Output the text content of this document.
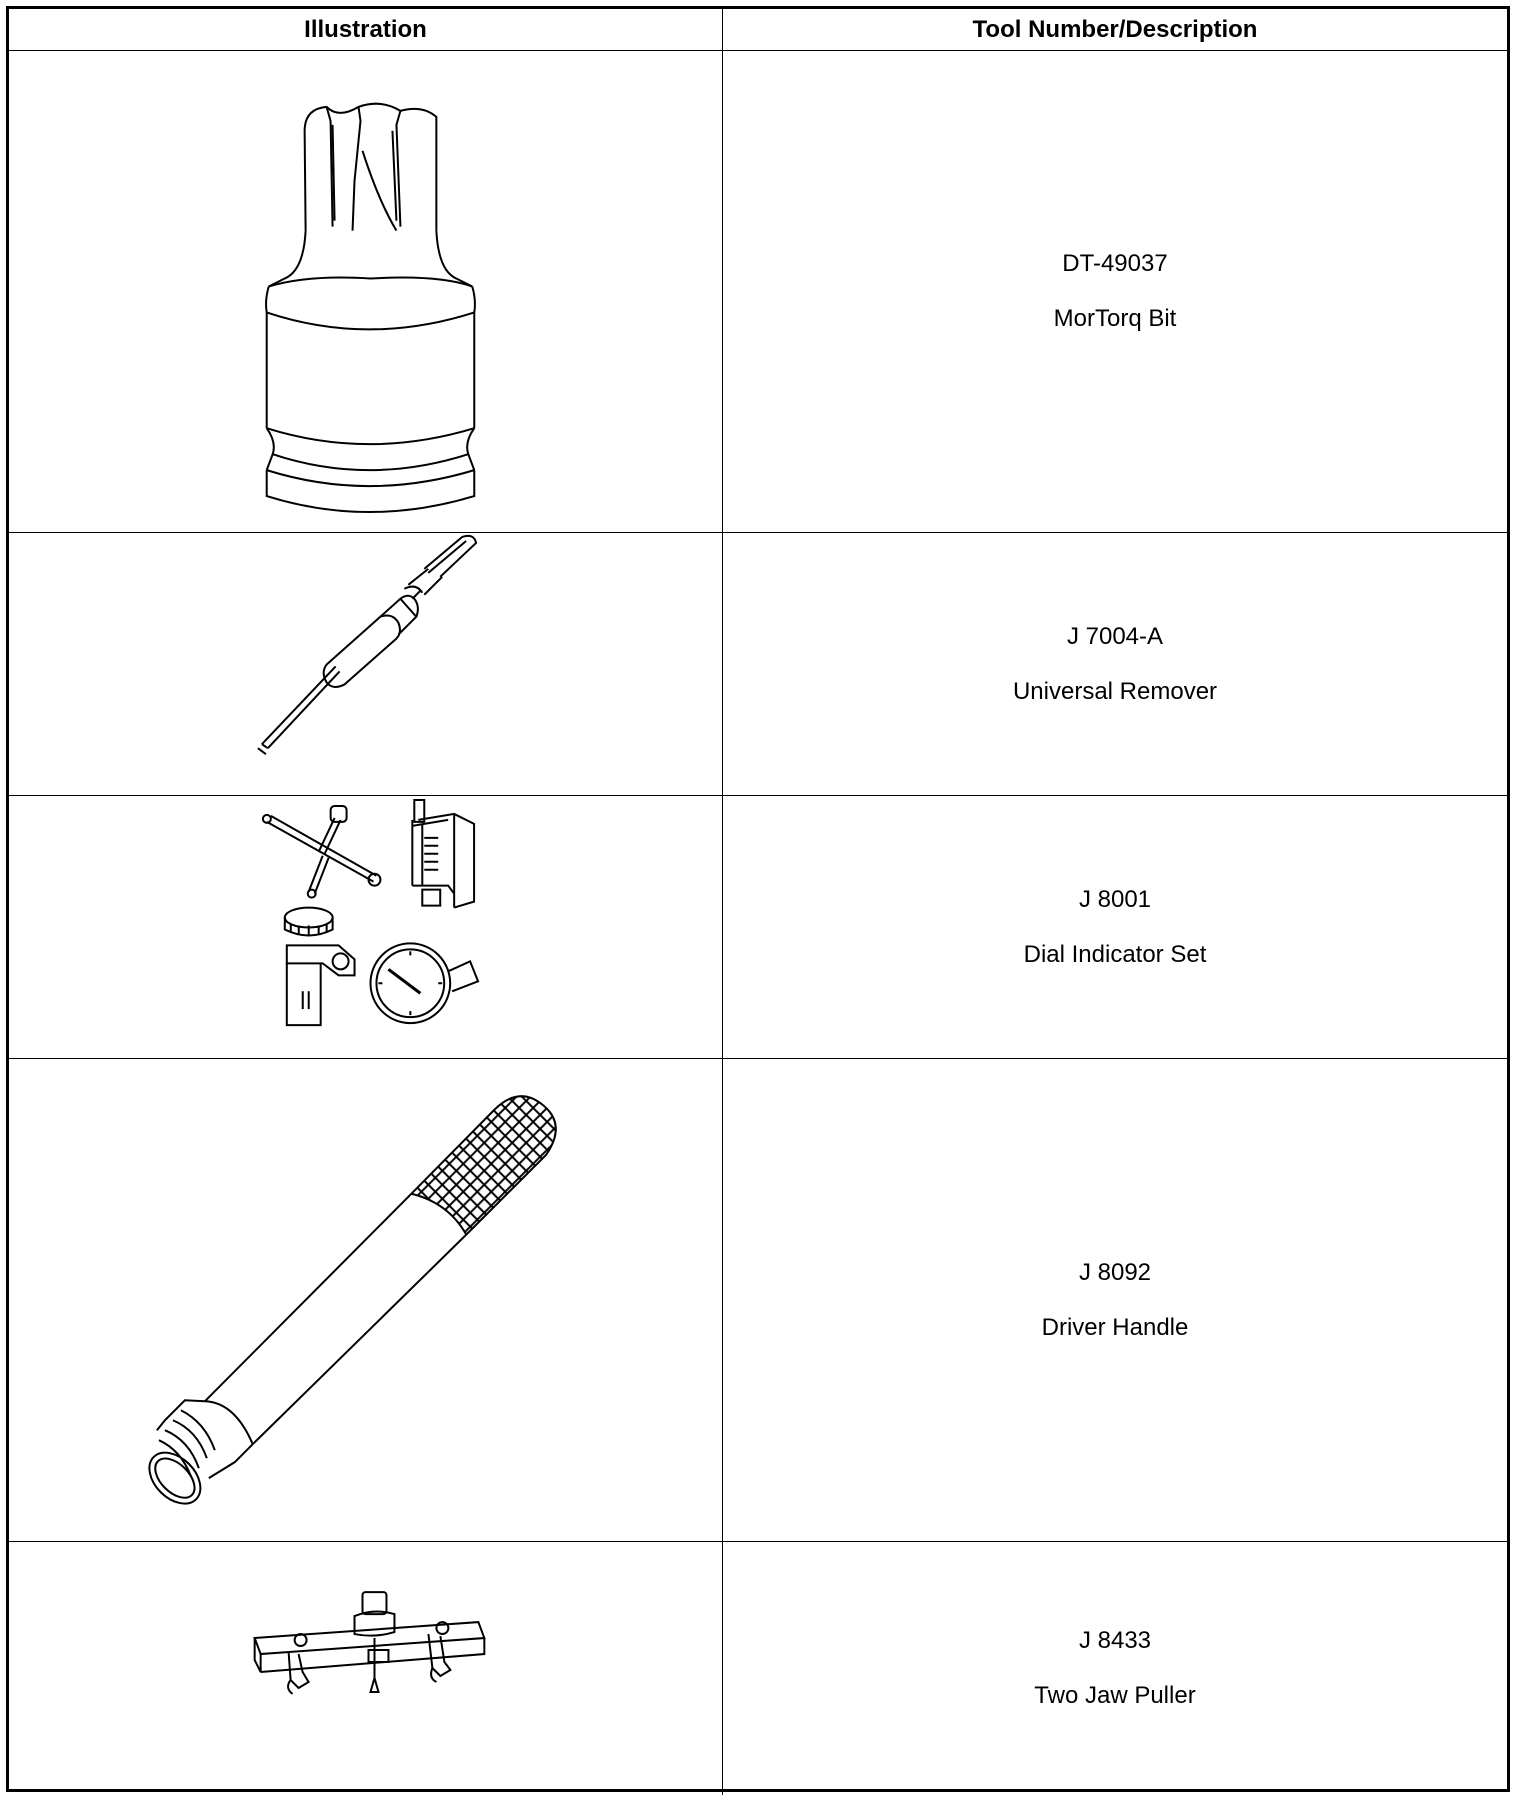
Illustration	Tool Number/Description
DT-49037
MorTorq Bit
J 7004-A
Universal Remover
J 8001
Dial Indicator Set
J 8092
Driver Handle
J 8433
Two Jaw Puller
